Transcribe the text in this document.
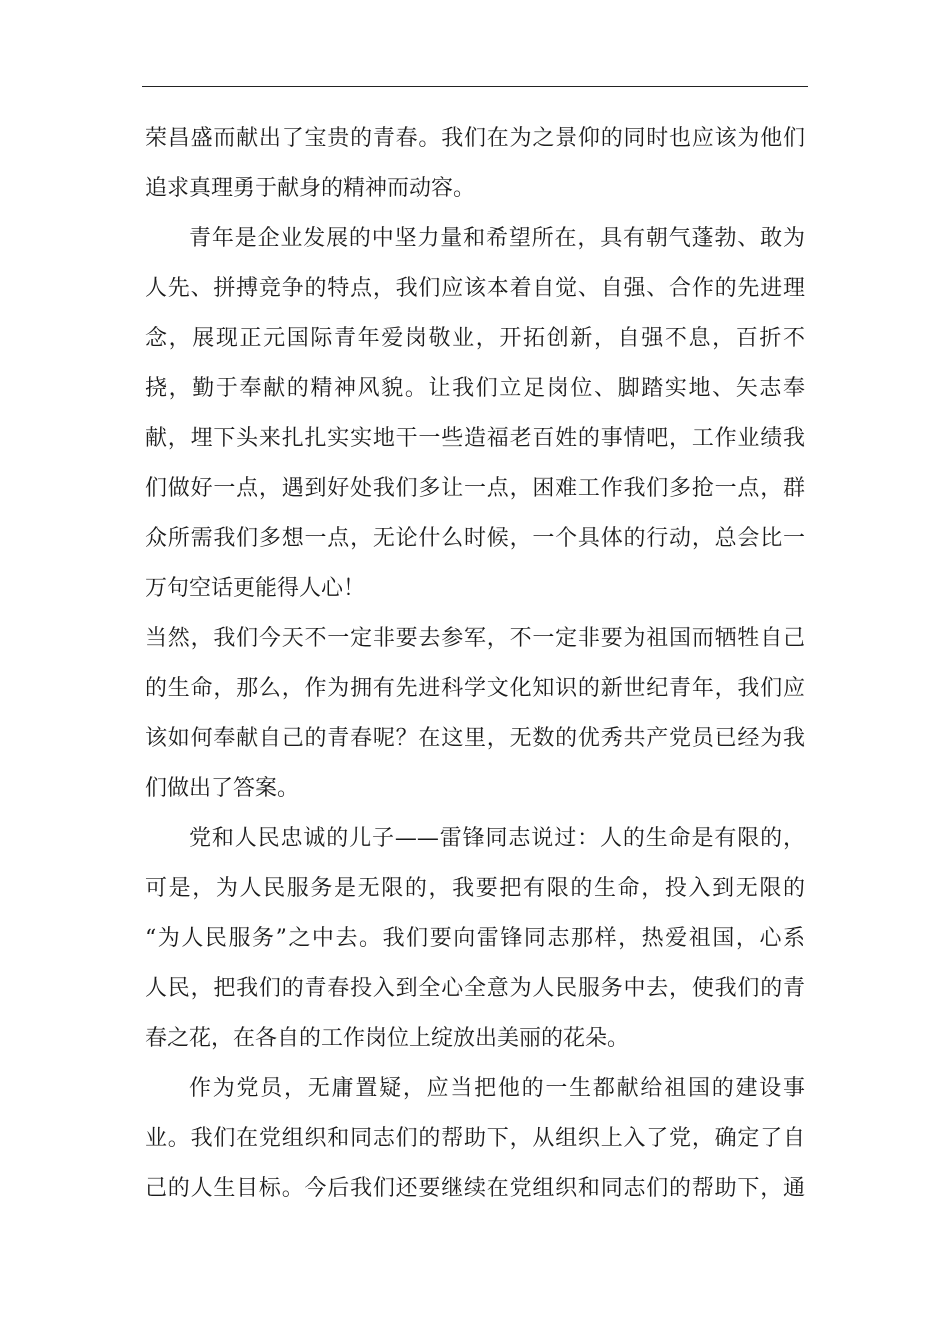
荣昌盛而献出了宝贵的青春。我们在为之景仰的同时也应该为他们
追求真理勇于献身的精神而动容。
青年是企业发展的中坚力量和希望所在，具有朝气蓬勃、敢为
人先、拼搏竞争的特点，我们应该本着自觉、自强、合作的先进理
念，展现正元国际青年爱岗敬业，开拓创新，自强不息，百折不
挠，勤于奉献的精神风貌。让我们立足岗位、脚踏实地、矢志奉
献，埋下头来扎扎实实地干一些造福老百姓的事情吧，工作业绩我
们做好一点，遇到好处我们多让一点，困难工作我们多抢一点，群
众所需我们多想一点，无论什么时候，一个具体的行动，总会比一
万句空话更能得人心！
当然，我们今天不一定非要去参军，不一定非要为祖国而牺牲自己
的生命，那么，作为拥有先进科学文化知识的新世纪青年，我们应
该如何奉献自己的青春呢？在这里，无数的优秀共产党员已经为我
们做出了答案。
党和人民忠诚的儿子——雷锋同志说过：人的生命是有限的，
可是，为人民服务是无限的，我要把有限的生命，投入到无限的
“为人民服务”之中去。我们要向雷锋同志那样，热爱祖国，心系
人民，把我们的青春投入到全心全意为人民服务中去，使我们的青
春之花，在各自的工作岗位上绽放出美丽的花朵。
作为党员，无庸置疑，应当把他的一生都献给祖国的建设事
业。我们在党组织和同志们的帮助下，从组织上入了党，确定了自
己的人生目标。今后我们还要继续在党组织和同志们的帮助下，通
